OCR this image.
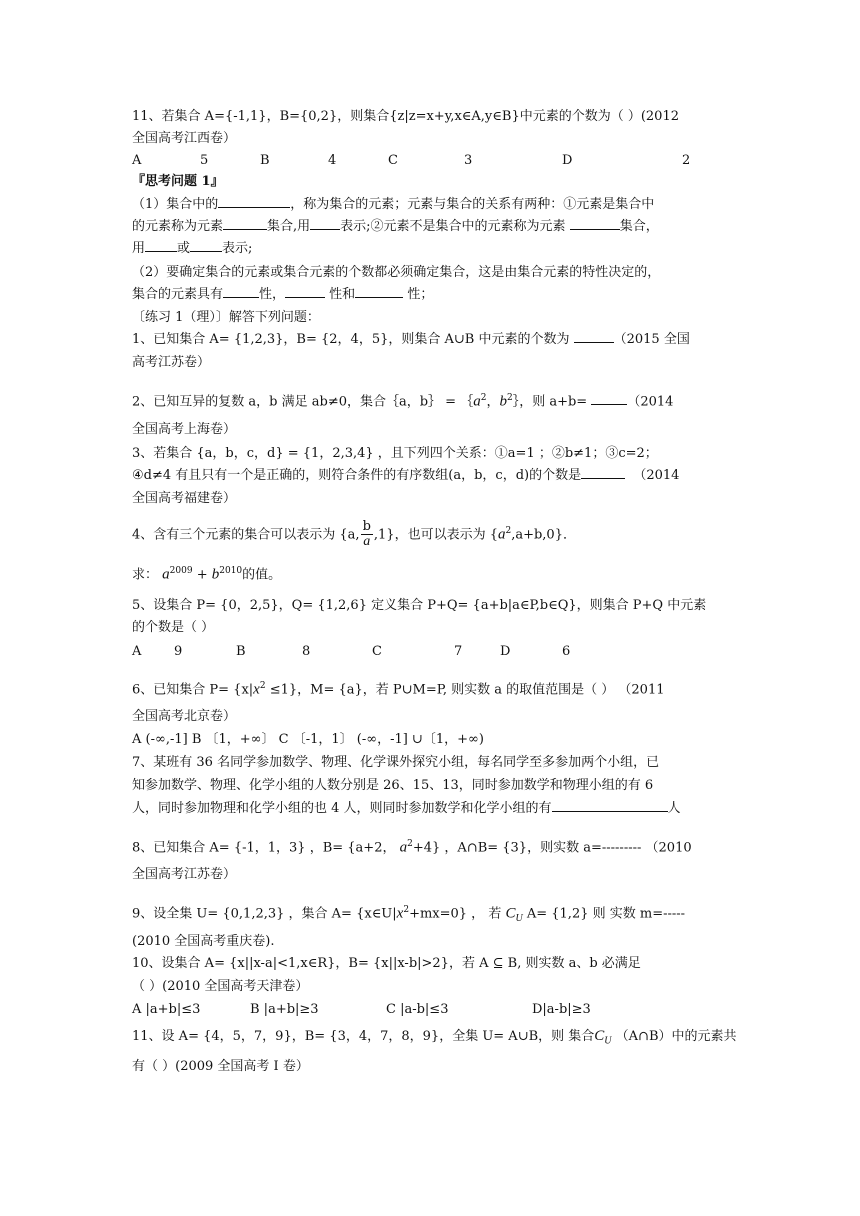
11、若集合 A={-1,1}，B={0,2}，则集合{z|z=x+y,x∈A,y∈B}中元素的个数为（ ）(2012
全国高考江西卷）
A	5	B	4	C	3	D	2
『思考问题 1』
（1）集合中的	，称为集合的元素；元素与集合的关系有两种：①元素是集合中
的元素称为元素	集合,用 表示;②元素不是集合中的元素称为元素	集合，
用 或 表示;
（2）要确定集合的元素或集合元素的个数都必须确定集合，这是由集合元素的特性决定的，
集合的元素具有	性，	性和	性；
〔练习 1（理）〕解答下列问题：
1、已知集合 A= {1,2,3}，B= {2，4，5}，则集合 A∪B 中元素的个数为	（2015 全国
高考江苏卷）
2、已知互异的复数 a，b 满足 ab≠0，集合｛a，b｝ = $\{a^2$，$b^2\}$，则 a+b=	（2014
全国高考上海卷）
3、若集合 {a，b，c，d} = {1，2,3,4} ，且下列四个关系：①a=1 ；②b≠1；③c=2；
④d≠4 有且只有一个是正确的，则符合条件的有序数组(a，b，c，d)的个数是	（2014
全国高考福建卷）
4、含有三个元素的集合可以表示为 {a, $\frac{b}{a} ,1$}，也可以表示为 $\{a^2,a+b,0\}$．
求： $a^{2009} + b^{2010}$的值。
5、设集合 P= {0，2,5}，Q= {1,2,6} 定义集合 P+Q= {a+b|a∈P,b∈Q}，则集合 P+Q 中元素
的个数是（ ）
A	9	B	8	C	7	D	6
6、已知集合 $P= \{x|x^2 \le 1\}$，M= {a}，若 P∪M=P, 则实数 a 的取值范围是（ ） （2011
全国高考北京卷）
A (-∞,-1] B 〔1，+∞〕 C 〔-1，1〕 (-∞，-1] ∪〔1，+∞)
7、某班有 36 名同学参加数学、物理、化学课外探究小组，每名同学至多参加两个小组，已
知参加数学、物理、化学小组的人数分别是 26、15、13，同时参加数学和物理小组的有 6
人，同时参加物理和化学小组的也 4 人，则同时参加数学和化学小组的有	人
8、已知集合 A= {-1，1，3} ，B= {a+2， $a^2+4$} ，A∩B= {3}，则实数 a=--------- （2010
全国高考江苏卷）
9、设全集 U= {0,1,2,3} ，集合 $A= \{x\in U|x^2+mx=0\}$ ， 若 $C_U$ A= {1,2} 则 实数 m=-----
(2010 全国高考重庆卷).
10、设集合 A= {x||x-a|<1,x∈R}，B= {x||x-b|>2}，若 A ⊆ B, 则实数 a、b 必满足
（ ）(2010 全国高考天津卷）
A |a+b|≤3	B |a+b|≥3	C |a-b|≤3	D|a-b|≥3
11、设 A= {4，5，7，9}，B= {3，4，7，8，9}，全集 U= A∪B，则 集合$C_U$ （A∩B）中的元素共
有（ ）(2009 全国高考 I 卷）
